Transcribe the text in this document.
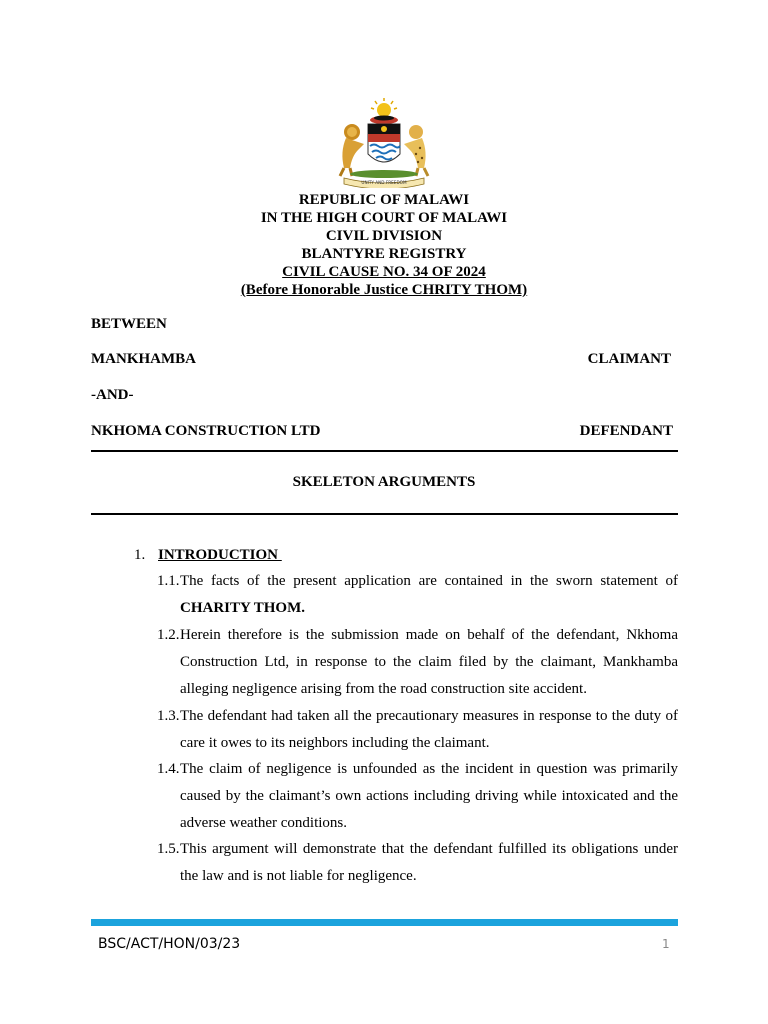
UNITY AND FREEDOM
REPUBLIC OF MALAWI
IN THE HIGH COURT OF MALAWI
CIVIL DIVISION
BLANTYRE REGISTRY
CIVIL CAUSE NO. 34 OF 2024
(Before Honorable Justice CHRITY THOM)
BETWEEN
MANKHAMBA	CLAIMANT
-AND-
NKHOMA CONSTRUCTION LTD	DEFENDANT
SKELETON ARGUMENTS
1. INTRODUCTION
1.1. The facts of the present application are contained in the sworn statement of
CHARITY THOM.
1.2. Herein therefore is the submission made on behalf of the defendant, Nkhoma
Construction Ltd, in response to the claim filed by the claimant, Mankhamba
alleging negligence arising from the road construction site accident.
1.3. The defendant had taken all the precautionary measures in response to the duty of
care it owes to its neighbors including the claimant.
1.4. The claim of negligence is unfounded as the incident in question was primarily
caused by the claimant’s own actions including driving while intoxicated and the
adverse weather conditions.
1.5. This argument will demonstrate that the defendant fulfilled its obligations under
the law and is not liable for negligence.
BSC/ACT/HON/03/23	1
